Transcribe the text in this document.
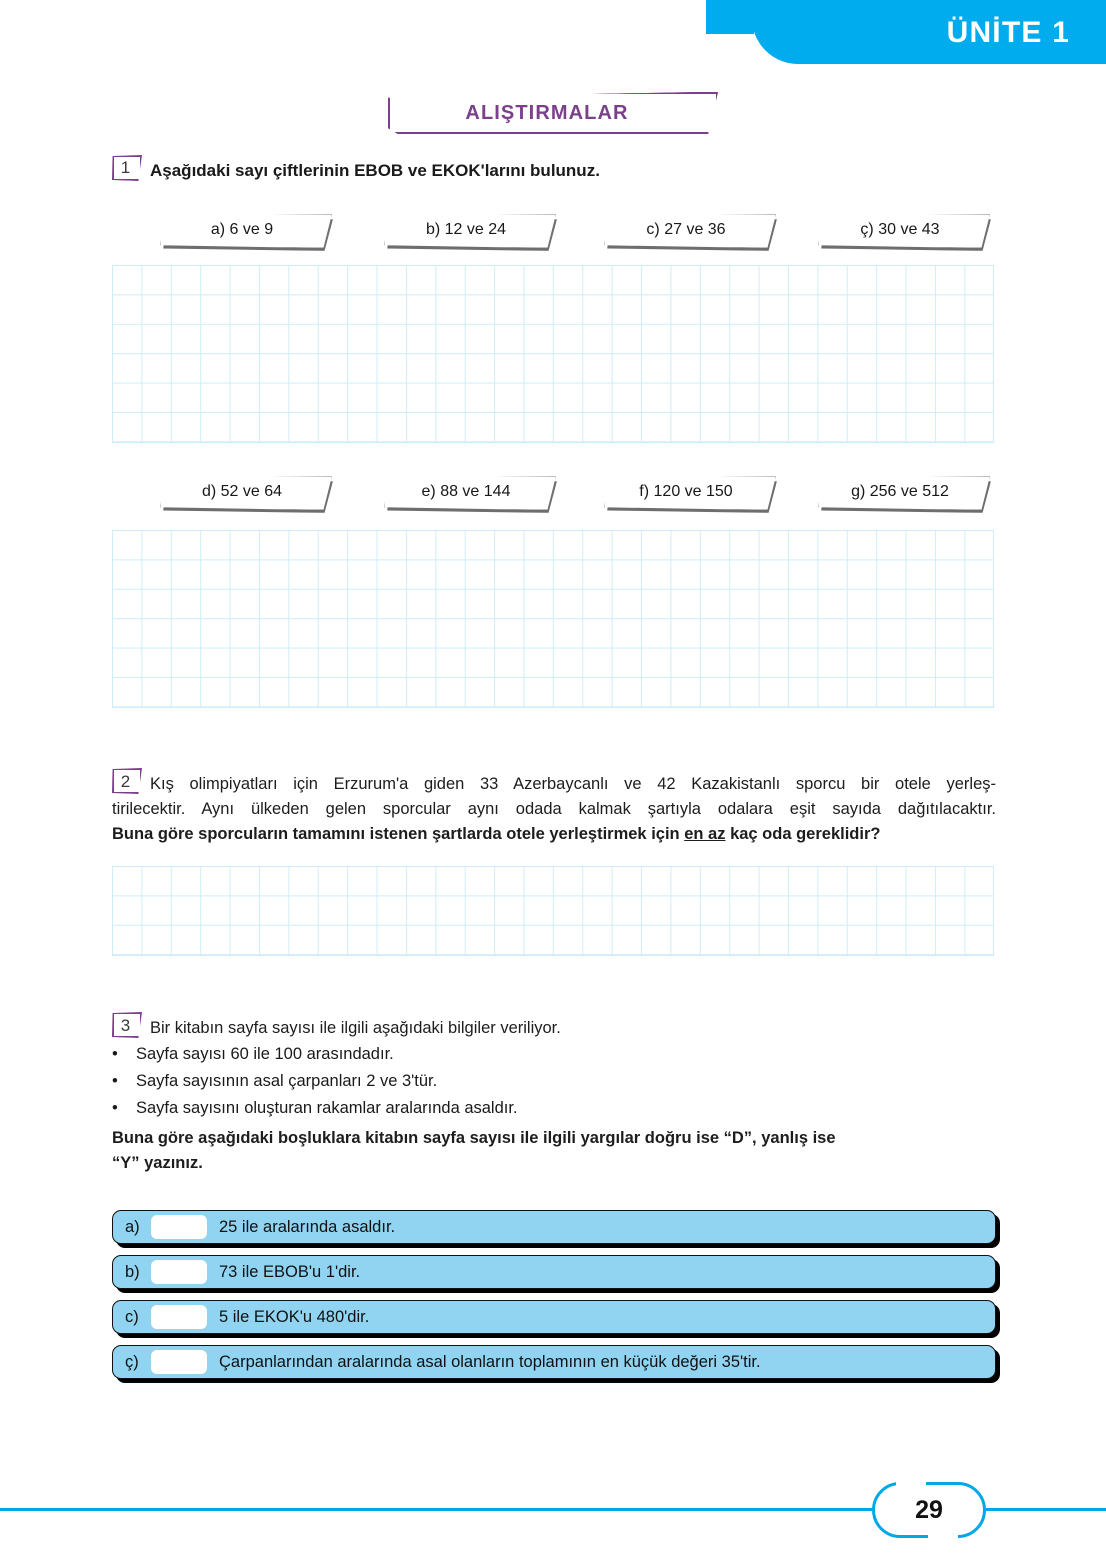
ÜNİTE 1
ALIŞTIRMALAR
1	Aşağıdaki sayı çiftlerinin EBOB ve EKOK'larını bulunuz.
a) 6 ve 9	b) 12 ve 24	c) 27 ve 36	ç) 30 ve 43
d) 52 ve 64	e) 88 ve 144	f) 120 ve 150	g) 256 ve 512
2	Kış olimpiyatları için Erzurum'a giden 33 Azerbaycanlı ve 42 Kazakistanlı sporcu bir otele yerleş-
tirilecektir. Aynı ülkeden gelen sporcular aynı odada kalmak şartıyla odalara eşit sayıda dağıtılacaktır.
Buna göre sporcuların tamamını istenen şartlarda otele yerleştirmek için en az kaç oda gereklidir?
3	Bir kitabın sayfa sayısı ile ilgili aşağıdaki bilgiler veriliyor.
•	Sayfa sayısı 60 ile 100 arasındadır.
•	Sayfa sayısının asal çarpanları 2 ve 3'tür.
•	Sayfa sayısını oluşturan rakamlar aralarında asaldır.
Buna göre aşağıdaki boşluklara kitabın sayfa sayısı ile ilgili yargılar doğru ise “D”, yanlış ise
“Y” yazınız.
a)	25 ile aralarında asaldır.
b)	73 ile EBOB'u 1'dir.
c)	5 ile EKOK'u 480'dir.
ç)	Çarpanlarından aralarında asal olanların toplamının en küçük değeri 35'tir.
29
